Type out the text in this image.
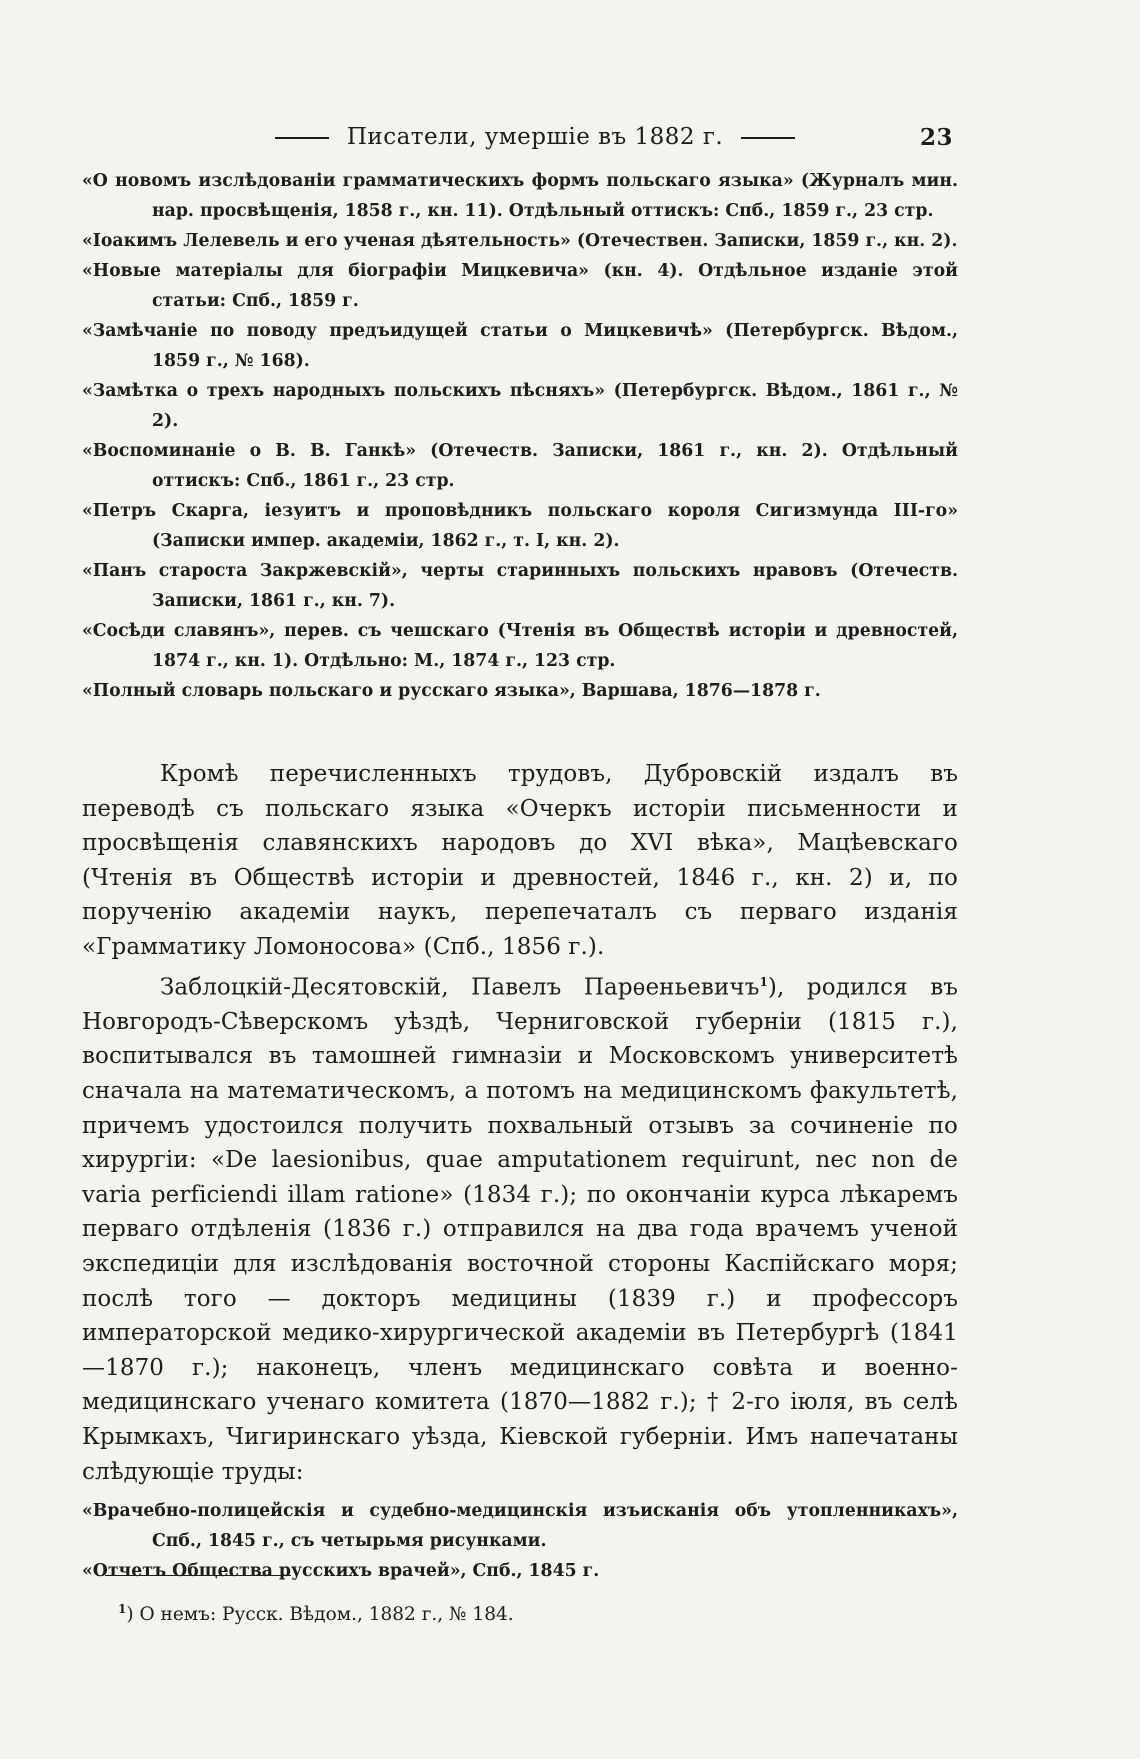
Писатели, умершіе въ 1882 г.	23

«О новомъ изслѣдованіи грамматическихъ формъ польскаго языка» (Журналъ мин. нар. просвѣщенія, 1858 г., кн. 11). Отдѣльный оттискъ: Спб., 1859 г., 23 стр.

«Іоакимъ Лелевель и его ученая дѣятельность» (Отечествен. Записки, 1859 г., кн. 2).

«Новые матеріалы для біографіи Мицкевича» (кн. 4). Отдѣльное изданіе этой статьи: Спб., 1859 г.

«Замѣчаніе по поводу предъидущей статьи о Мицкевичѣ» (Петербургск. Вѣдом., 1859 г., № 168).

«Замѣтка о трехъ народныхъ польскихъ пѣсняхъ» (Петербургск. Вѣдом., 1861 г., № 2).

«Воспоминаніе о В. В. Ганкѣ» (Отечеств. Записки, 1861 г., кн. 2). Отдѣльный оттискъ: Спб., 1861 г., 23 стр.

«Петръ Скарга, іезуитъ и проповѣдникъ польскаго короля Сигизмунда III-го» (Записки импер. академіи, 1862 г., т. I, кн. 2).

«Панъ староста Закржевскій», черты старинныхъ польскихъ нравовъ (Отечеств. Записки, 1861 г., кн. 7).

«Сосѣди славянъ», перев. съ чешскаго (Чтенія въ Обществѣ исторіи и древностей, 1874 г., кн. 1). Отдѣльно: М., 1874 г., 123 стр.

«Полный словарь польскаго и русскаго языка», Варшава, 1876—1878 г.

Кромѣ перечисленныхъ трудовъ, Дубровскій издалъ въ переводѣ съ польскаго языка «Очеркъ исторіи письменности и просвѣщенія славянскихъ народовъ до XVI вѣка», Мацѣевскаго (Чтенія въ Обществѣ исторіи и древностей, 1846 г., кн. 2) и, по порученію академіи наукъ, перепечаталъ съ перваго изданія «Грамматику Ломоносова» (Спб., 1856 г.).

Заблоцкій-Десятовскій, Павелъ Парѳеньевичъ$^1$), родился въ Новгородъ-Сѣверскомъ уѣздѣ, Черниговской губерніи (1815 г.), воспитывался въ тамошней гимназіи и Московскомъ университетѣ сначала на математическомъ, а потомъ на медицинскомъ факультетѣ, причемъ удостоился получить похвальный отзывъ за сочиненіе по хирургіи: «De laesionibus, quae amputationem requirunt, nec non de varia perficiendi illam ratione» (1834 г.); по окончаніи курса лѣкаремъ перваго отдѣленія (1836 г.) отправился на два года врачемъ ученой экспедиціи для изслѣдованія восточной стороны Каспійскаго моря; послѣ того — докторъ медицины (1839 г.) и профессоръ императорской медико-хирургической академіи въ Петербургѣ (1841—1870 г.); наконецъ, членъ медицинскаго совѣта и военно-медицинскаго ученаго комитета (1870—1882 г.); † 2-го іюля, въ селѣ Крымкахъ, Чигиринскаго уѣзда, Кіевской губерніи. Имъ напечатаны слѣдующіе труды:

«Врачебно-полицейскія и судебно-медицинскія изъисканія объ утопленникахъ», Спб., 1845 г., съ четырьмя рисунками.

«Отчетъ Общества русскихъ врачей», Спб., 1845 г.

$^1$) О немъ: Русск. Вѣдом., 1882 г., № 184.
